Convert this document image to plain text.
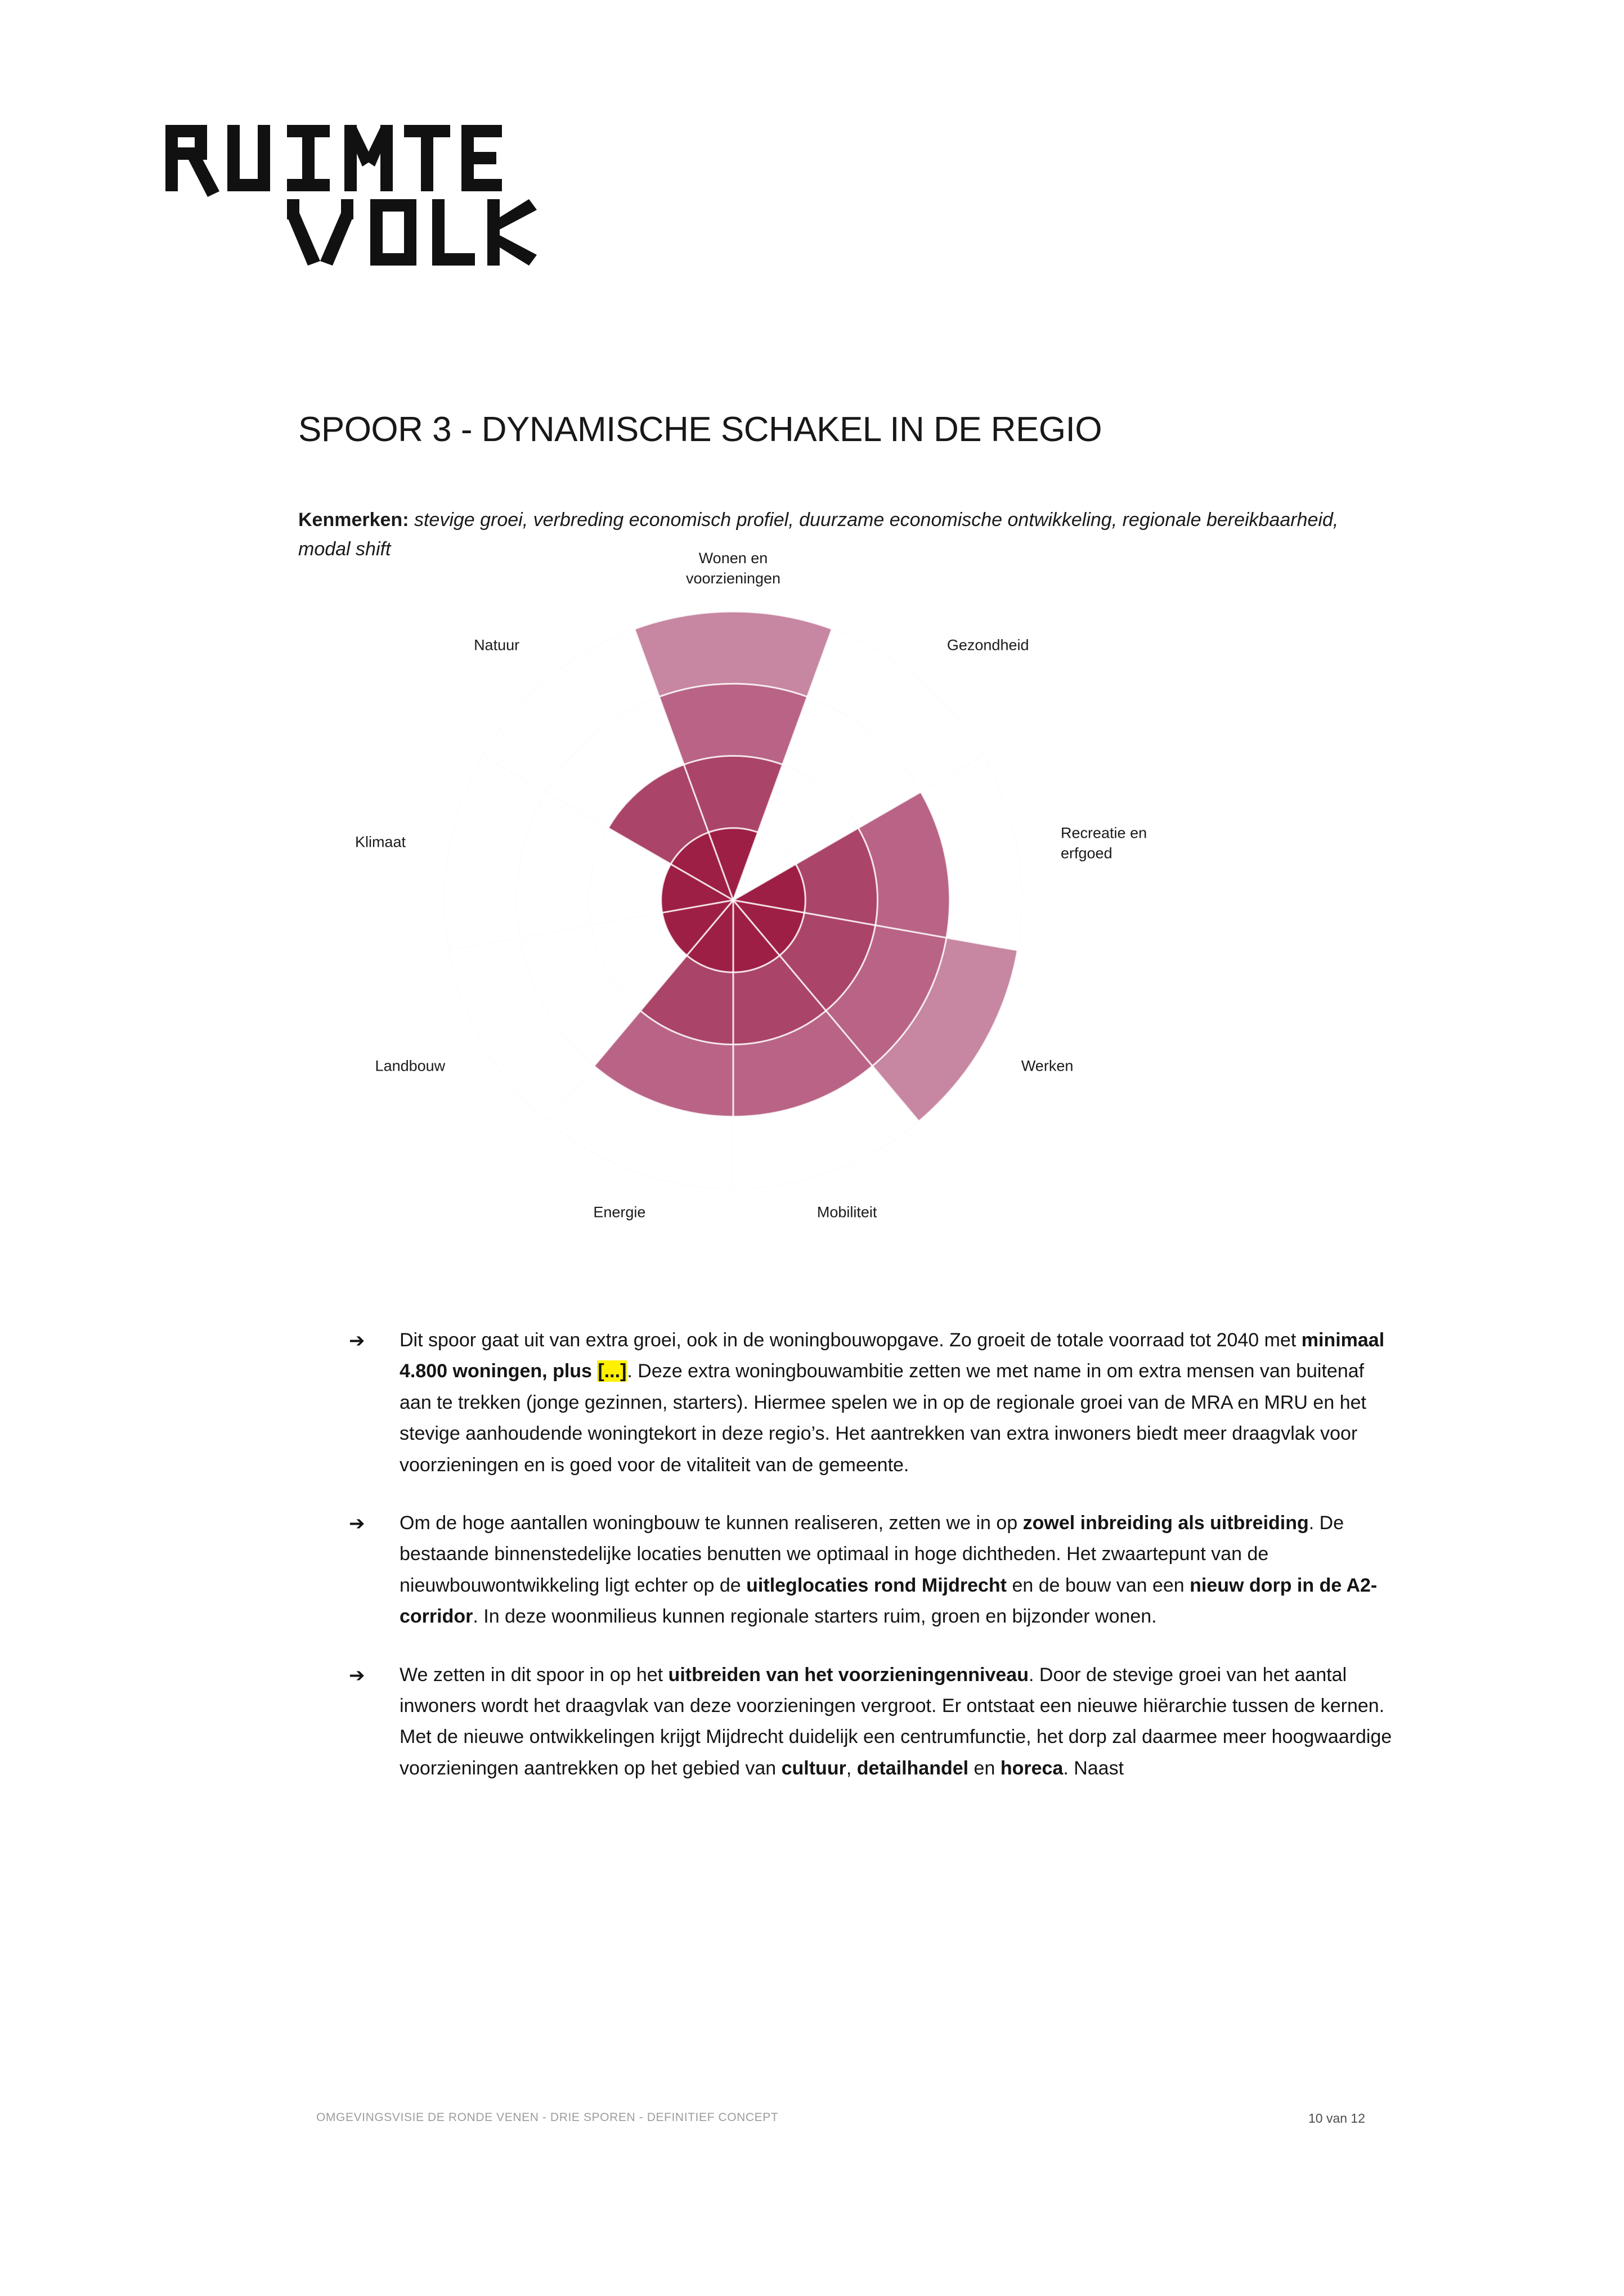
SPOOR 3 - DYNAMISCHE SCHAKEL IN DE REGIO

Kenmerken: stevige groei, verbreding economisch profiel, duurzame economische ontwikkeling, regionale bereikbaarheid, modal shift	Wonen en voorzieningen
Gezondheid
Recreatie en erfgoed
Werken
Mobiliteit
Energie
Landbouw
Klimaat
Natuur
➔ Dit spoor gaat uit van extra groei, ook in de woningbouwopgave. Zo groeit de totale voorraad tot 2040 met minimaal 4.800 woningen, plus [...]. Deze extra woningbouwambitie zetten we met name in om extra mensen van buitenaf aan te trekken (jonge gezinnen, starters). Hiermee spelen we in op de regionale groei van de MRA en MRU en het stevige aanhoudende woningtekort in deze regio’s. Het aantrekken van extra inwoners biedt meer draagvlak voor voorzieningen en is goed voor de vitaliteit van de gemeente.
➔ Om de hoge aantallen woningbouw te kunnen realiseren, zetten we in op zowel inbreiding als uitbreiding. De bestaande binnenstedelijke locaties benutten we optimaal in hoge dichtheden. Het zwaartepunt van de nieuwbouwontwikkeling ligt echter op de uitleglocaties rond Mijdrecht en de bouw van een nieuw dorp in de A2-corridor. In deze woonmilieus kunnen regionale starters ruim, groen en bijzonder wonen.
➔ We zetten in dit spoor in op het uitbreiden van het voorzieningenniveau. Door de stevige groei van het aantal inwoners wordt het draagvlak van deze voorzieningen vergroot. Er ontstaat een nieuwe hiërarchie tussen de kernen. Met de nieuwe ontwikkelingen krijgt Mijdrecht duidelijk een centrumfunctie, het dorp zal daarmee meer hoogwaardige voorzieningen aantrekken op het gebied van cultuur, detailhandel en horeca. Naast
OMGEVINGSVISIE DE RONDE VENEN - DRIE SPOREN - DEFINITIEF CONCEPT	10 van 12
